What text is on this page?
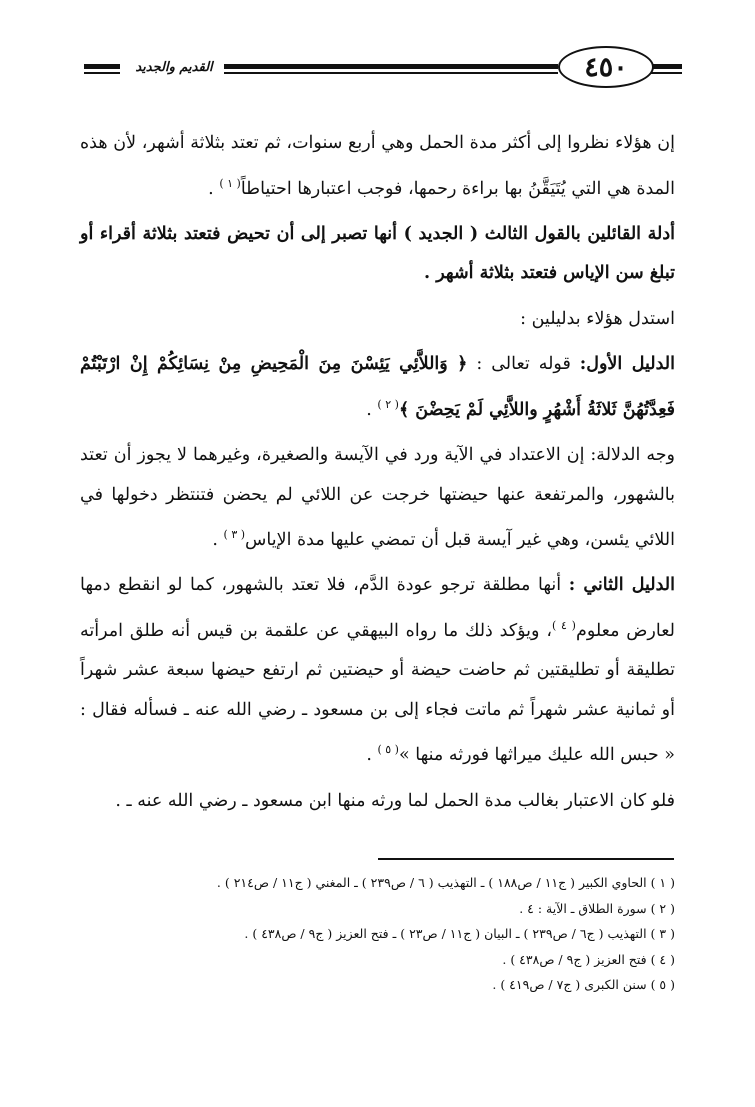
٤٥٠
القديم والجديد

إن هؤلاء نظروا إلى أكثر مدة الحمل وهي أربع سنوات، ثم تعتد بثلاثة أشهر، لأن هذه المدة هي التي يُتَيَقَّنُ بها براءة رحمها، فوجب اعتبارها احتياطاً$^{( ١ )}$ .

أدلة القائلين بالقول الثالث ( الجديد ) أنها تصبر إلى أن تحيض فتعتد بثلاثة أقراء أو تبلغ سن الإياس فتعتد بثلاثة أشهر .

استدل هؤلاء بدليلين :

الدليل الأول: قوله تعالى : ﴿ وَاللاَّئِي يَئِسْنَ مِنَ الْمَحِيضِ مِنْ نِسَائِكُمْ إِنْ ارْتَبْتُمْ فَعِدَّتُهُنَّ ثَلاثَةُ أَشْهُرٍ واللاَّئِي لَمْ يَحِضْنَ ﴾$^{( ٢ )}$ .

وجه الدلالة: إن الاعتداد في الآية ورد في الآيسة والصغيرة، وغيرهما لا يجوز أن تعتد بالشهور، والمرتفعة عنها حيضتها خرجت عن اللائي لم يحضن فتنتظر دخولها في اللائي يئسن، وهي غير آيسة قبل أن تمضي عليها مدة الإياس$^{( ٣ )}$ .

الدليل الثاني : أنها مطلقة ترجو عودة الدَّم، فلا تعتد بالشهور، كما لو انقطع دمها لعارض معلوم$^{( ٤ )}$، ويؤكد ذلك ما رواه البيهقي عن علقمة بن قيس أنه طلق امرأته تطليقة أو تطليقتين ثم حاضت حيضة أو حيضتين ثم ارتفع حيضها سبعة عشر شهراً أو ثمانية عشر شهراً ثم ماتت فجاء إلى بن مسعود ـ رضي الله عنه ـ فسأله فقال : « حبس الله عليك ميراثها فورثه منها »$^{( ٥ )}$ .

فلو كان الاعتبار بغالب مدة الحمل لما ورثه منها ابن مسعود ـ رضي الله عنه ـ .

( ١ ) الحاوي الكبير ( ج١١ / ص١٨٨ ) ـ التهذيب ( ٦ / ص٢٣٩ ) ـ المغني ( ج١١ / ص٢١٤ ) .

( ٢ ) سورة الطلاق ـ الآية : ٤ .

( ٣ ) التهذيب ( ج٦ / ص٢٣٩ ) ـ البيان ( ج١١ / ص٢٣ ) ـ فتح العزيز ( ج٩ / ص٤٣٨ ) .

( ٤ ) فتح العزيز ( ج٩ / ص٤٣٨ ) .

( ٥ ) سنن الكبرى ( ج٧ / ص٤١٩ ) .
